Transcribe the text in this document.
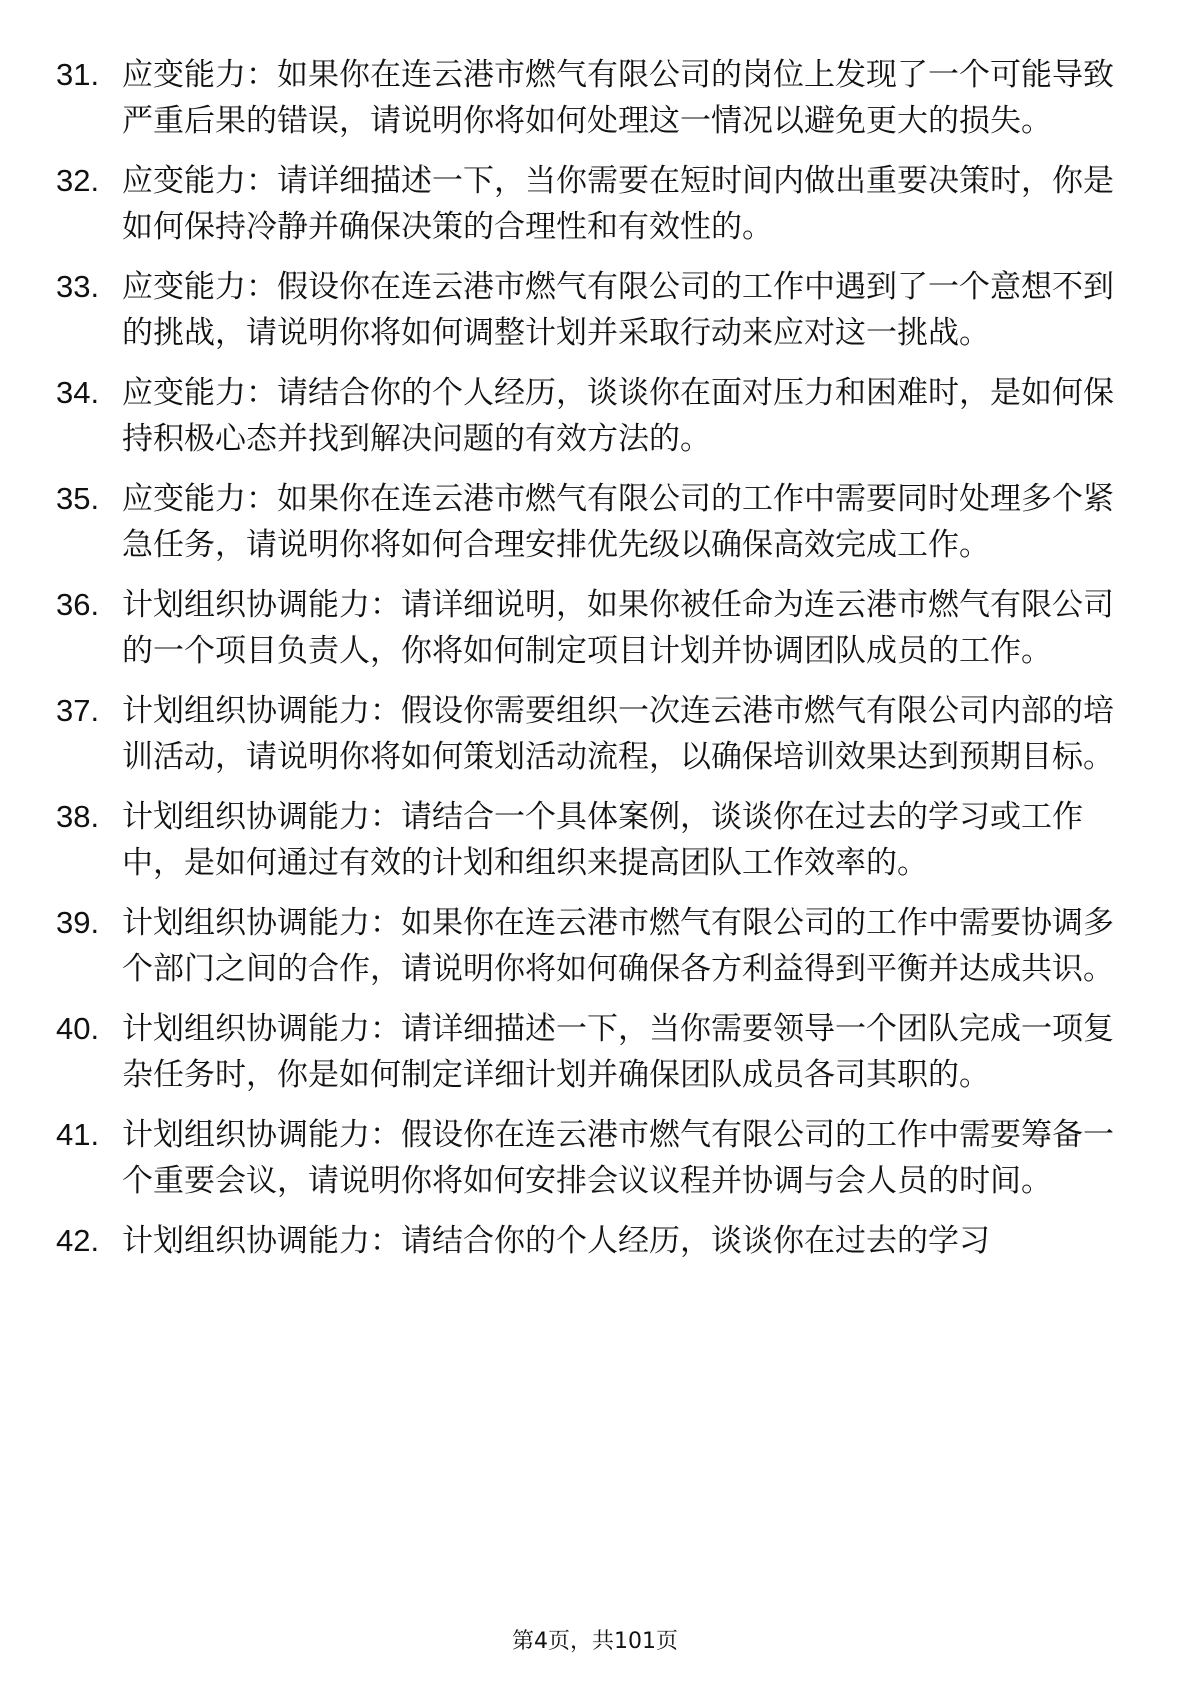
31. 应变能力：如果你在连云港市燃气有限公司的岗位上发现了一个可能导致严重后果的错误，请说明你将如何处理这一情况以避免更大的损失。
32. 应变能力：请详细描述一下，当你需要在短时间内做出重要决策时，你是如何保持冷静并确保决策的合理性和有效性的。
33. 应变能力：假设你在连云港市燃气有限公司的工作中遇到了一个意想不到的挑战，请说明你将如何调整计划并采取行动来应对这一挑战。
34. 应变能力：请结合你的个人经历，谈谈你在面对压力和困难时，是如何保持积极心态并找到解决问题的有效方法的。
35. 应变能力：如果你在连云港市燃气有限公司的工作中需要同时处理多个紧急任务，请说明你将如何合理安排优先级以确保高效完成工作。
36. 计划组织协调能力：请详细说明，如果你被任命为连云港市燃气有限公司的一个项目负责人，你将如何制定项目计划并协调团队成员的工作。
37. 计划组织协调能力：假设你需要组织一次连云港市燃气有限公司内部的培训活动，请说明你将如何策划活动流程，以确保培训效果达到预期目标。
38. 计划组织协调能力：请结合一个具体案例，谈谈你在过去的学习或工作中，是如何通过有效的计划和组织来提高团队工作效率的。
39. 计划组织协调能力：如果你在连云港市燃气有限公司的工作中需要协调多个部门之间的合作，请说明你将如何确保各方利益得到平衡并达成共识。
40. 计划组织协调能力：请详细描述一下，当你需要领导一个团队完成一项复杂任务时，你是如何制定详细计划并确保团队成员各司其职的。
41. 计划组织协调能力：假设你在连云港市燃气有限公司的工作中需要筹备一个重要会议，请说明你将如何安排会议议程并协调与会人员的时间。
42. 计划组织协调能力：请结合你的个人经历，谈谈你在过去的学习
第4页，共101页
